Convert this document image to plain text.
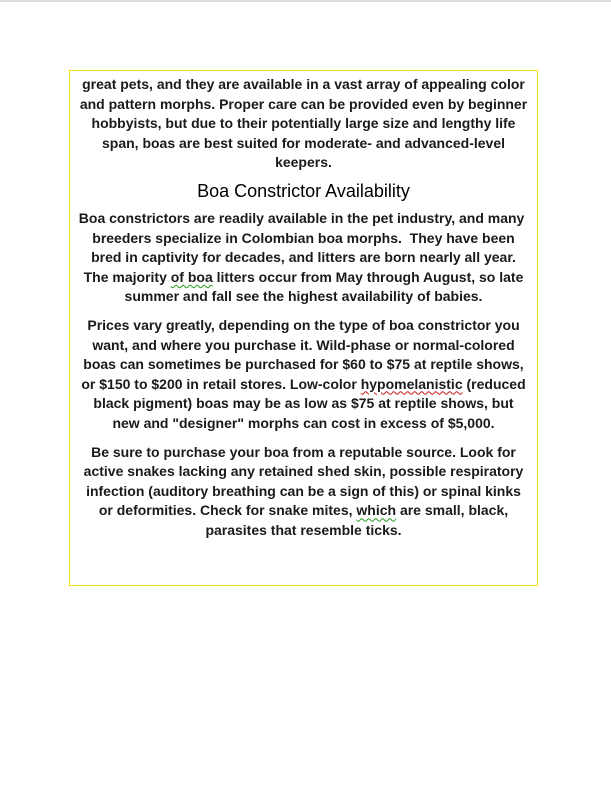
great pets, and they are available in a vast array of appealing color and pattern morphs. Proper care can be provided even by beginner hobbyists, but due to their potentially large size and lengthy life span, boas are best suited for moderate- and advanced-level keepers.

Boa Constrictor Availability

Boa constrictors are readily available in the pet industry, and many  breeders specialize in Colombian boa morphs.  They have been bred in captivity for decades, and litters are born nearly all year. The majority of boa litters occur from May through August, so late summer and fall see the highest availability of babies.

Prices vary greatly, depending on the type of boa constrictor you want, and where you purchase it. Wild-phase or normal-colored boas can sometimes be purchased for $60 to $75 at reptile shows, or $150 to $200 in retail stores. Low-color hypomelanistic (reduced black pigment) boas may be as low as $75 at reptile shows, but new and "designer" morphs can cost in excess of $5,000.

Be sure to purchase your boa from a reputable source. Look for active snakes lacking any retained shed skin, possible respiratory infection (auditory breathing can be a sign of this) or spinal kinks or deformities. Check for snake mites, which are small, black, parasites that resemble ticks.
